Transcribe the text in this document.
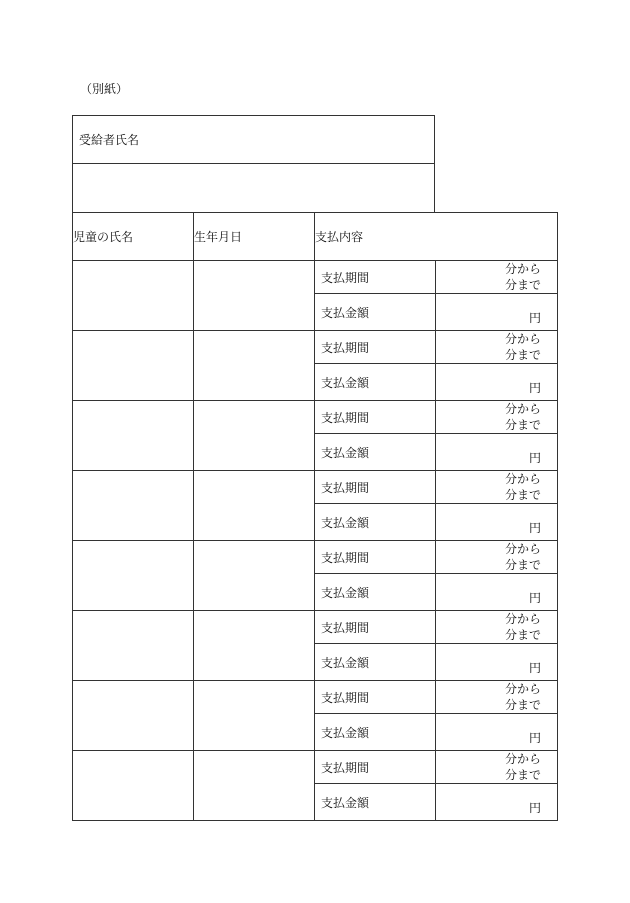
（別紙）
受給者氏名
児童の氏名	生年月日	支払内容	
		支払期間	分から
分まで

		支払金額	円
		支払期間	分から
分まで

		支払金額	円
		支払期間	分から
分まで

		支払金額	円
		支払期間	分から
分まで

		支払金額	円
		支払期間	分から
分まで

		支払金額	円
		支払期間	分から
分まで

		支払金額	円
		支払期間	分から
分まで

		支払金額	円
		支払期間	分から
分まで

		支払金額	円
